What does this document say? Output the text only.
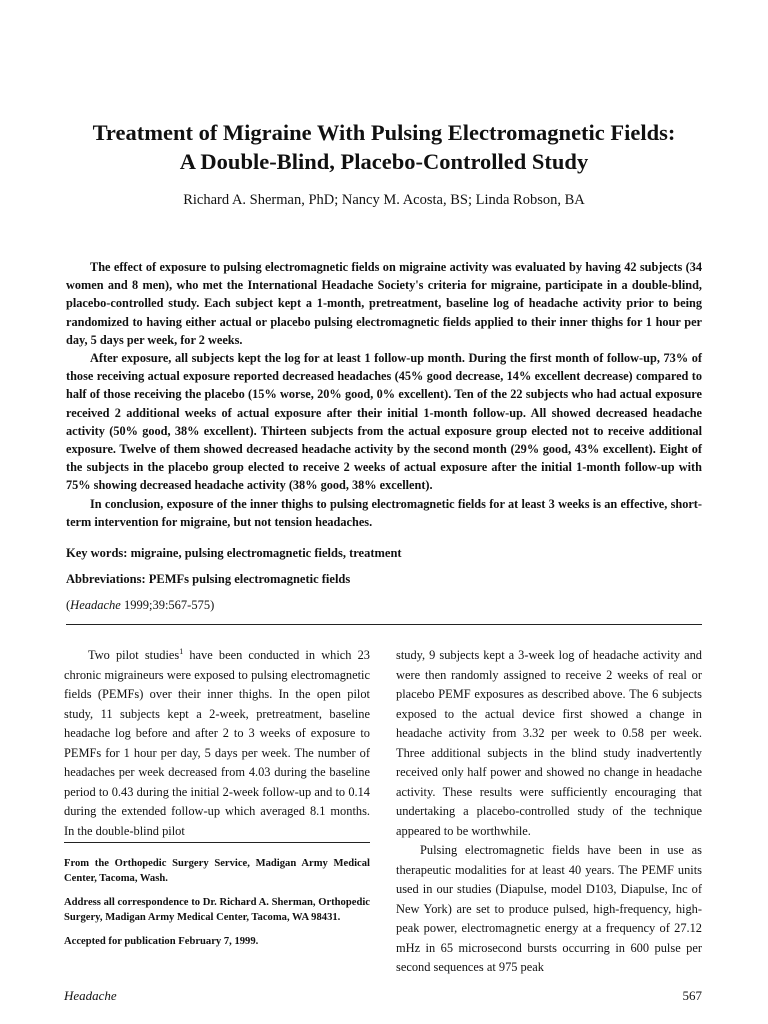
Treatment of Migraine With Pulsing Electromagnetic Fields:
A Double-Blind, Placebo-Controlled Study

Richard A. Sherman, PhD; Nancy M. Acosta, BS; Linda Robson, BA

The effect of exposure to pulsing electromagnetic fields on migraine activity was evaluated by having 42 subjects (34 women and 8 men), who met the International Headache Society's criteria for migraine, participate in a double-blind, placebo-controlled study. Each subject kept a 1-month, pretreatment, baseline log of headache activity prior to being randomized to having either actual or placebo pulsing electromagnetic fields applied to their inner thighs for 1 hour per day, 5 days per week, for 2 weeks.

After exposure, all subjects kept the log for at least 1 follow-up month. During the first month of follow-up, 73% of those receiving actual exposure reported decreased headaches (45% good decrease, 14% excellent decrease) compared to half of those receiving the placebo (15% worse, 20% good, 0% excellent). Ten of the 22 subjects who had actual exposure received 2 additional weeks of actual exposure after their initial 1-month follow-up. All showed decreased headache activity (50% good, 38% excellent). Thirteen subjects from the actual exposure group elected not to receive additional exposure. Twelve of them showed decreased headache activity by the second month (29% good, 43% excellent). Eight of the subjects in the placebo group elected to receive 2 weeks of actual exposure after the initial 1-month follow-up with 75% showing decreased headache activity (38% good, 38% excellent).

In conclusion, exposure of the inner thighs to pulsing electromagnetic fields for at least 3 weeks is an effective, short-term intervention for migraine, but not tension headaches.

Key words: migraine, pulsing electromagnetic fields, treatment

Abbreviations: PEMFs pulsing electromagnetic fields

(Headache 1999;39:567-575)

Two pilot studies$^1$ have been conducted in which 23 chronic migraineurs were exposed to pulsing electromagnetic fields (PEMFs) over their inner thighs. In the open pilot study, 11 subjects kept a 2-week, pretreatment, baseline headache log before and after 2 to 3 weeks of exposure to PEMFs for 1 hour per day, 5 days per week. The number of headaches per week decreased from 4.03 during the baseline period to 0.43 during the initial 2-week follow-up and to 0.14 during the extended follow-up which averaged 8.1 months. In the double-blind pilot

From the Orthopedic Surgery Service, Madigan Army Medical Center, Tacoma, Wash.

Address all correspondence to Dr. Richard A. Sherman, Orthopedic Surgery, Madigan Army Medical Center, Tacoma, WA 98431.

Accepted for publication February 7, 1999.

study, 9 subjects kept a 3-week log of headache activity and were then randomly assigned to receive 2 weeks of real or placebo PEMF exposures as described above. The 6 subjects exposed to the actual device first showed a change in headache activity from 3.32 per week to 0.58 per week. Three additional subjects in the blind study inadvertently received only half power and showed no change in headache activity. These results were sufficiently encouraging that undertaking a placebo-controlled study of the technique appeared to be worthwhile.

Pulsing electromagnetic fields have been in use as therapeutic modalities for at least 40 years. The PEMF units used in our studies (Diapulse, model D103, Diapulse, Inc of New York) are set to produce pulsed, high-frequency, high-peak power, electromagnetic energy at a frequency of 27.12 mHz in 65 microsecond bursts occurring in 600 pulse per second sequences at 975 peak

Headache	567
